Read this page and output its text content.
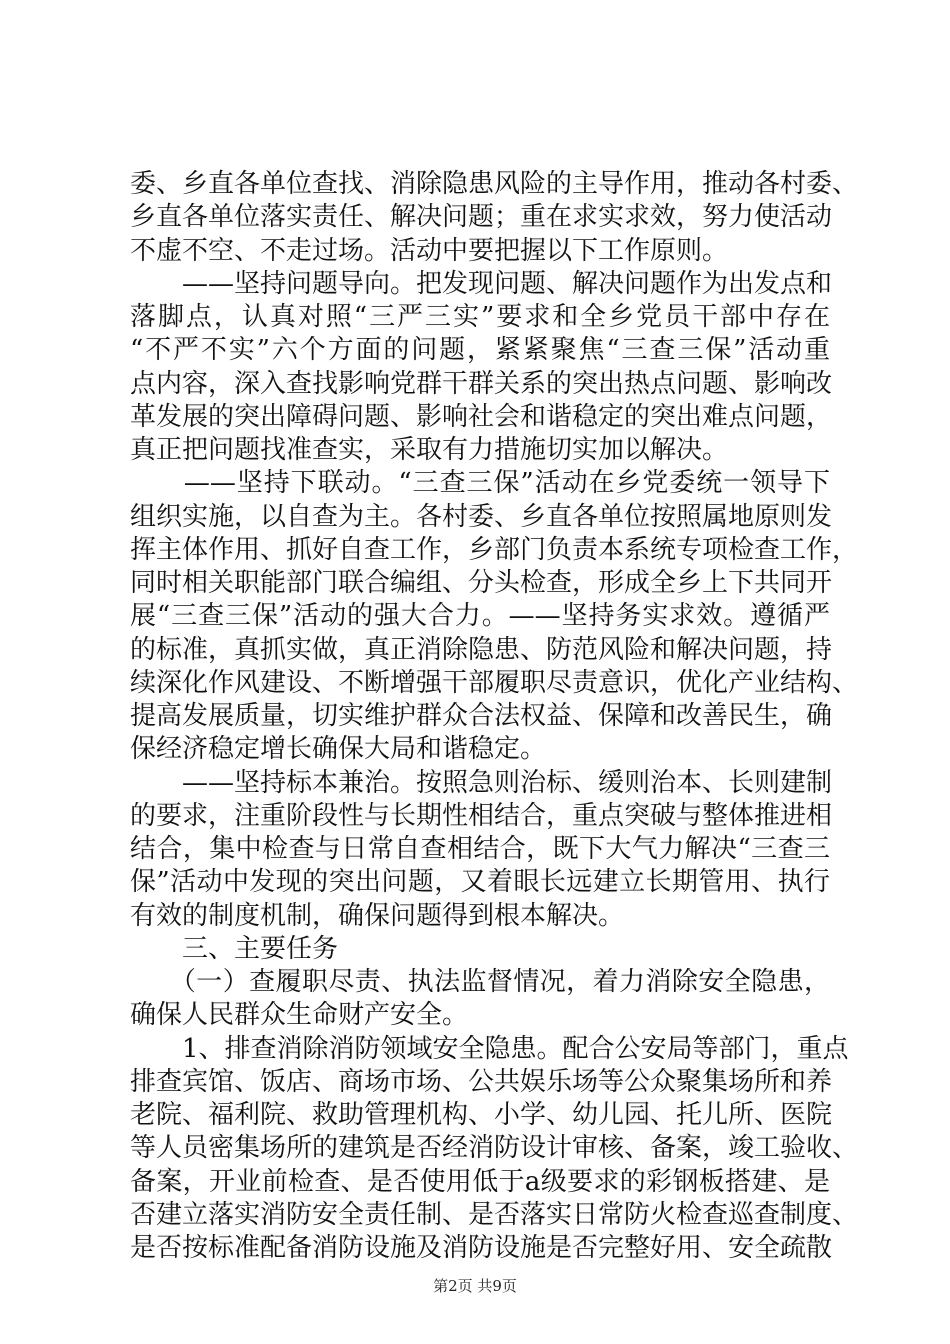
委、乡直各单位查找、消除隐患风险的主导作用，推动各村委、
乡直各单位落实责任、解决问题；重在求实求效，努力使活动
不虚不空、不走过场。活动中要把握以下工作原则。
　　——坚持问题导向。把发现问题、解决问题作为出发点和
落脚点，认真对照“三严三实”要求和全乡党员干部中存在
“不严不实”六个方面的问题，紧紧聚焦“三查三保”活动重
点内容，深入查找影响党群干群关系的突出热点问题、影响改
革发展的突出障碍问题、影响社会和谐稳定的突出难点问题，
真正把问题找准查实，采取有力措施切实加以解决。
　　——坚持下联动。“三查三保”活动在乡党委统一领导下
组织实施，以自查为主。各村委、乡直各单位按照属地原则发
挥主体作用、抓好自查工作，乡部门负责本系统专项检查工作，
同时相关职能部门联合编组、分头检查，形成全乡上下共同开
展“三查三保”活动的强大合力。——坚持务实求效。遵循严
的标准，真抓实做，真正消除隐患、防范风险和解决问题，持
续深化作风建设、不断增强干部履职尽责意识，优化产业结构、
提高发展质量，切实维护群众合法权益、保障和改善民生，确
保经济稳定增长确保大局和谐稳定。
　　——坚持标本兼治。按照急则治标、缓则治本、长则建制
的要求，注重阶段性与长期性相结合，重点突破与整体推进相
结合，集中检查与日常自查相结合，既下大气力解决“三查三
保”活动中发现的突出问题，又着眼长远建立长期管用、执行
有效的制度机制，确保问题得到根本解决。
　　三、主要任务
　　（一）查履职尽责、执法监督情况，着力消除安全隐患，
确保人民群众生命财产安全。
　　1、排查消除消防领域安全隐患。配合公安局等部门，重点
排查宾馆、饭店、商场市场、公共娱乐场等公众聚集场所和养
老院、福利院、救助管理机构、小学、幼儿园、托儿所、医院
等人员密集场所的建筑是否经消防设计审核、备案，竣工验收、
备案，开业前检查、是否使用低于a级要求的彩钢板搭建、是
否建立落实消防安全责任制、是否落实日常防火检查巡查制度、
是否按标准配备消防设施及消防设施是否完整好用、安全疏散
第2页 共9页
